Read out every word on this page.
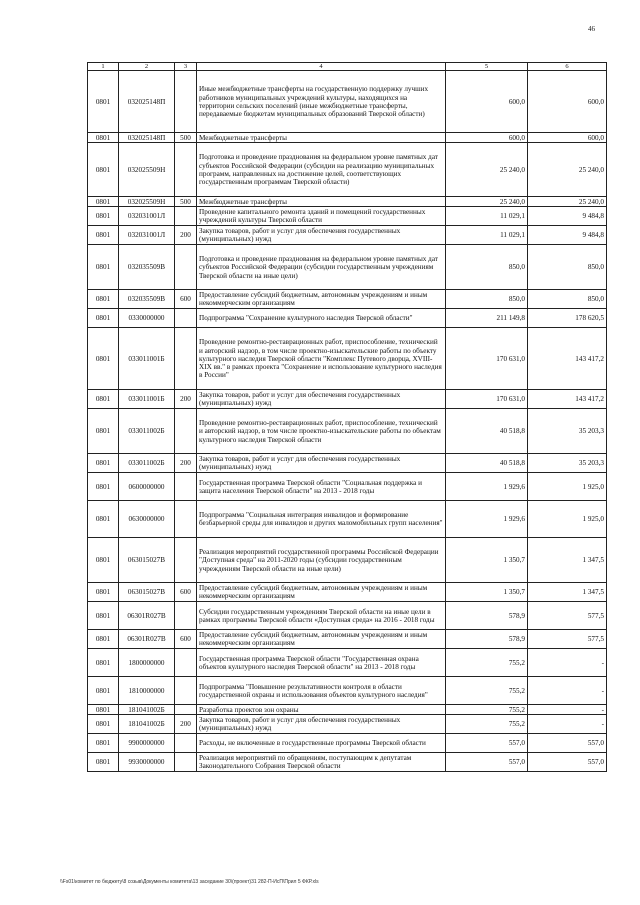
46
1	2	3	4	5	6
0801	032025148П		Иные межбюджетные трансферты на государственную поддержку лучших работников муниципальных учреждений культуры, находящихся на территории сельских поселений (иные межбюджетные трансферты, передаваемые бюджетам муниципальных образований Тверской области)	600,0	600,0
0801	032025148П	500	Межбюджетные трансферты	600,0	600,0
0801	032025509Н		Подготовка и проведение празднования на федеральном уровне памятных дат субъектов Российской Федерации (субсидии на реализацию муниципальных программ, направленных на достижение целей, соответствующих государственным программам Тверской области)	25 240,0	25 240,0
0801	032025509Н	500	Межбюджетные трансферты	25 240,0	25 240,0
0801	032031001Л		Проведение капитального ремонта зданий и помещений государственных учреждений культуры Тверской области	11 029,1	9 484,8
0801	032031001Л	200	Закупка товаров, работ и услуг для обеспечения государственных (муниципальных) нужд	11 029,1	9 484,8
0801	032035509В		Подготовка и проведение празднования на федеральном уровне памятных дат субъектов Российской Федерации (субсидии государственным учреждениям Тверской области на иные цели)	850,0	850,0
0801	032035509В	600	Предоставление субсидий бюджетным, автономным учреждениям и иным некоммерческим организациям	850,0	850,0
0801	0330000000		Подпрограмма "Сохранение культурного наследия Тверской области"	211 149,8	178 620,5
0801	033011001Б		Проведение ремонтно-реставрационных работ, приспособление, технический и авторский надзор, в том числе проектно-изыскательские работы по объекту культурного наследия Тверской области "Комплекс Путевого дворца, XVIII-XIX вв." в рамках проекта "Сохранение и использование культурного наследия в России"	170 631,0	143 417,2
0801	033011001Б	200	Закупка товаров, работ и услуг для обеспечения государственных (муниципальных) нужд	170 631,0	143 417,2
0801	033011002Б		Проведение ремонтно-реставрационных работ, приспособление, технический и авторский надзор, в том числе проектно-изыскательские работы по объектам культурного наследия Тверской области	40 518,8	35 203,3
0801	033011002Б	200	Закупка товаров, работ и услуг для обеспечения государственных (муниципальных) нужд	40 518,8	35 203,3
0801	0600000000		Государственная программа Тверской области "Социальная поддержка и защита населения Тверской области" на 2013 - 2018 годы	1 929,6	1 925,0
0801	0630000000		Подпрограмма "Социальная интеграция инвалидов и формирование безбарьерной среды для инвалидов и других маломобильных групп населения"	1 929,6	1 925,0
0801	063015027В		Реализация мероприятий государственной программы Российской Федерации "Доступная среда" на 2011-2020 годы (субсидии государственным учреждениям Тверской области на иные цели)	1 350,7	1 347,5
0801	063015027В	600	Предоставление субсидий бюджетным, автономным учреждениям и иным некоммерческим организациям	1 350,7	1 347,5
0801	06301R027В		Субсидии государственным учреждениям Тверской области на иные цели в рамках программы Тверской области «Доступная среда» на 2016 - 2018 годы	578,9	577,5
0801	06301R027В	600	Предоставление субсидий бюджетным, автономным учреждениям и иным некоммерческим организациям	578,9	577,5
0801	1800000000		Государственная программа Тверской области "Государственная охрана объектов культурного наследия Тверской области" на 2013 - 2018 годы	755,2	-
0801	1810000000		Подпрограмма "Повышение результативности контроля в области государственной охраны и использования объектов культурного наследия"	755,2	-
0801	181041002Б		Разработка проектов зон охраны	755,2	-
0801	181041002Б	200	Закупка товаров, работ и услуг для обеспечения государственных (муниципальных) нужд	755,2	-
0801	9900000000		Расходы, не включенные в государственные программы Тверской области	557,0	557,0
0801	9930000000		Реализация мероприятий по обращениям, поступающим к депутатам Законодательного Собрания Тверской области	557,0	557,0
\\Fs01\комитет по бюджету\8 созыв\Документы комитета\13 заседание 30\(проект)31 282-П-ИсП\Прил 5 ФКР.xls
